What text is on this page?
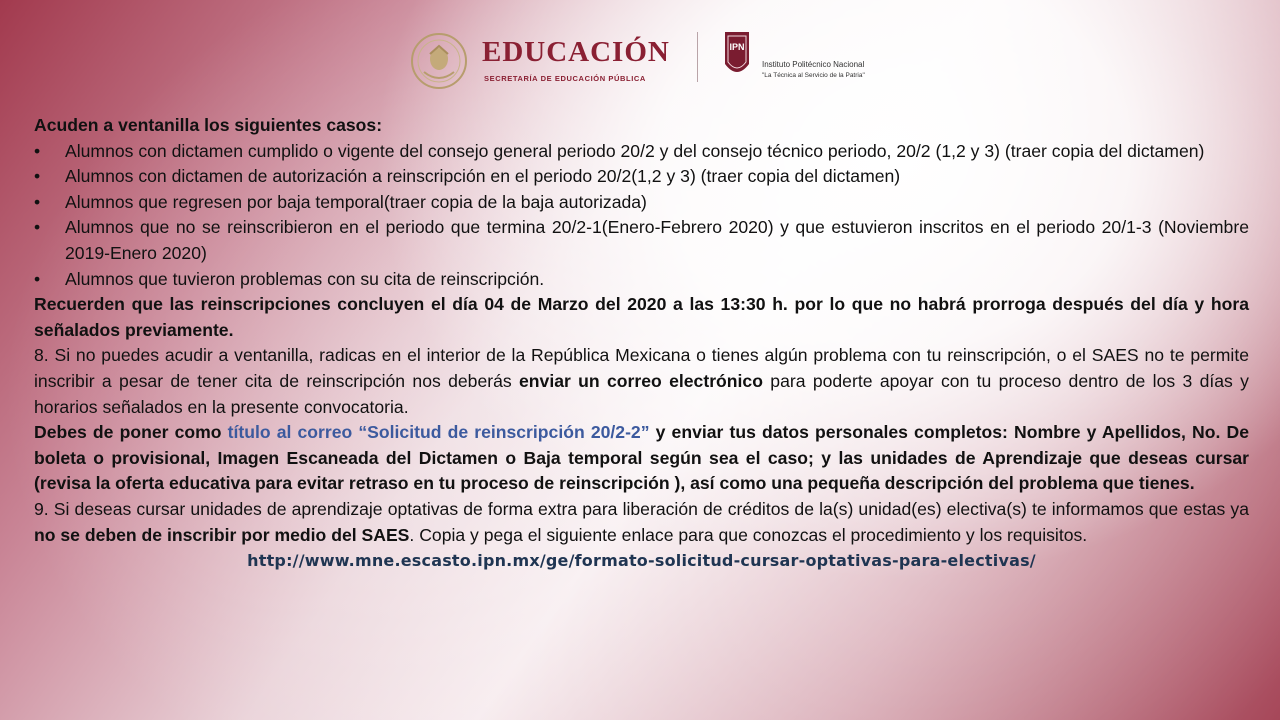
EDUCACIÓN
SECRETARÍA DE EDUCACIÓN PÚBLICA
IPN
Instituto Politécnico Nacional
"La Técnica al Servicio de la Patria"

Acuden a ventanilla los siguientes casos:

• Alumnos con dictamen cumplido o vigente del consejo general periodo 20/2 y del consejo técnico periodo, 20/2 (1,2 y 3) (traer copia del dictamen)
• Alumnos con dictamen de autorización a reinscripción en el periodo 20/2(1,2 y 3) (traer copia del dictamen)
• Alumnos que regresen por baja temporal(traer copia de la baja autorizada)
• Alumnos que no se reinscribieron en el periodo que termina 20/2-1(Enero-Febrero 2020) y que estuvieron inscritos en el periodo 20/1-3 (Noviembre 2019-Enero 2020)
• Alumnos que tuvieron problemas con su cita de reinscripción.

Recuerden que las reinscripciones concluyen el día 04 de Marzo del 2020 a las 13:30 h. por lo que no habrá prorroga después del día y hora señalados previamente.

8. Si no puedes acudir a ventanilla, radicas en el interior de la República Mexicana o tienes algún problema con tu reinscripción, o el SAES no te permite inscribir a pesar de tener cita de reinscripción nos deberás enviar un correo electrónico para poderte apoyar con tu proceso dentro de los 3 días y horarios señalados en la presente convocatoria.

Debes de poner como título al correo “Solicitud de reinscripción 20/2-2” y enviar tus datos personales completos: Nombre y Apellidos, No. De boleta o provisional, Imagen Escaneada del Dictamen o Baja temporal según sea el caso; y las unidades de Aprendizaje que deseas cursar (revisa la oferta educativa para evitar retraso en tu proceso de reinscripción ), así como una pequeña descripción del problema que tienes.

9. Si deseas cursar unidades de aprendizaje optativas de forma extra para liberación de créditos de la(s) unidad(es) electiva(s) te informamos que estas ya no se deben de inscribir por medio del SAES. Copia y pega el siguiente enlace para que conozcas el procedimiento y los requisitos.

http://www.mne.escasto.ipn.mx/ge/formato-solicitud-cursar-optativas-para-electivas/
